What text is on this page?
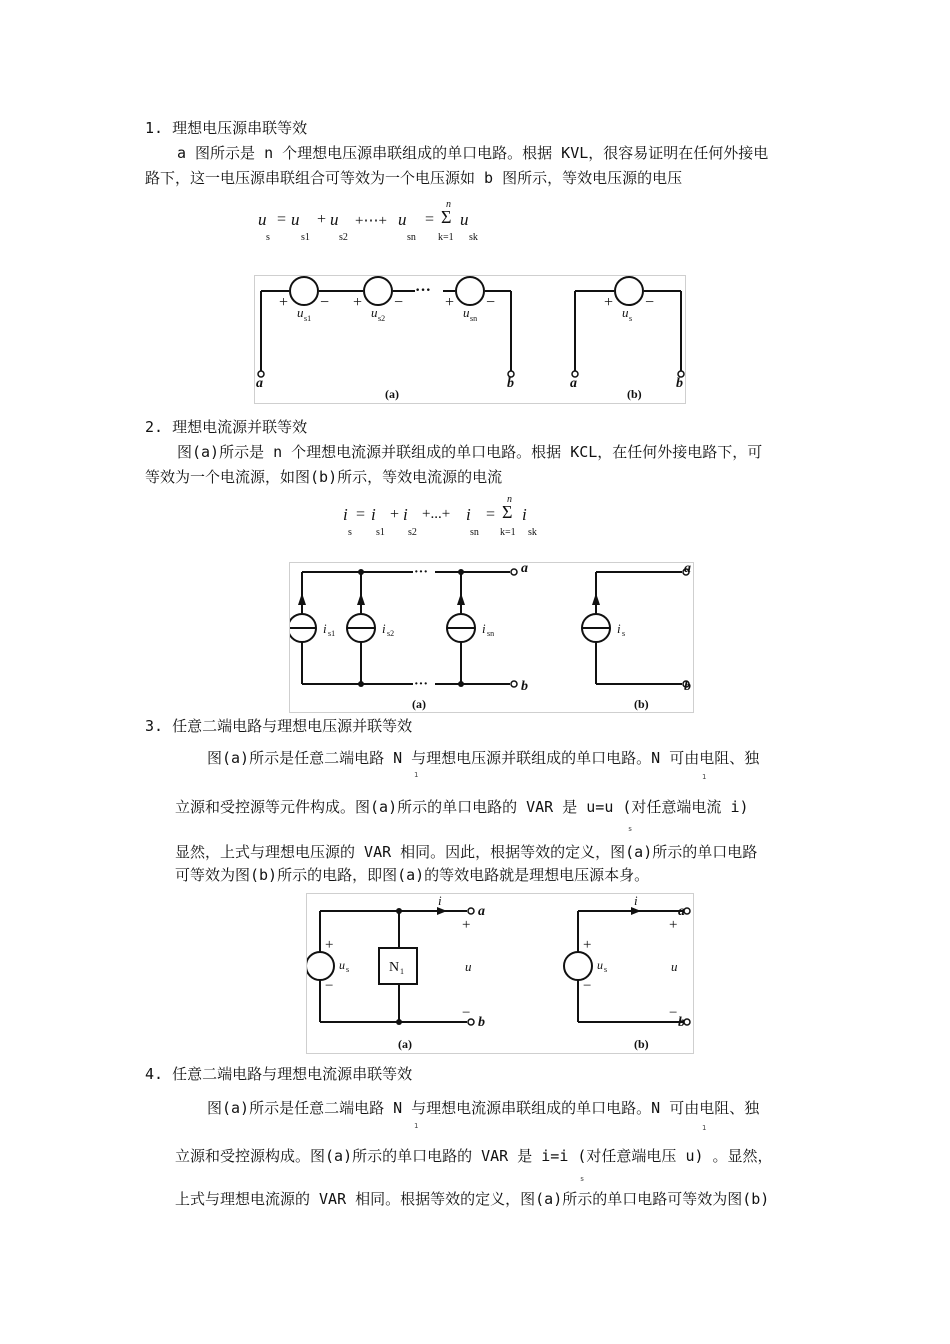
1. 理想电压源串联等效
a 图所示是 n 个理想电压源串联组成的单口电路。根据 KVL，很容易证明在任何外接电
路下，这一电压源串联组合可等效为一个电压源如 b 图所示，等效电压源的电压
u
s
= u
s1
+ u
s2
+⋯+ u
sn
= Σ
n
k=1
u
sk
+ − + −	+ −	+ −
···
u s1	u s2	u sn	u s
a	b	a	b
(a)	(b)
2. 理想电流源并联等效
图(a)所示是 n 个理想电流源并联组成的单口电路。根据 KCL，在任何外接电路下，可
等效为一个电流源，如图(b)所示，等效电流源的电流
i
s
= i
s1
+ i
s2
+...+ i
sn
= Σ
n
k=1
i
sk
···
···
i s1	i s2	i sn	i s
a
b
a
b
(a)	(b)
3. 任意二端电路与理想电压源并联等效
图(a)所示是任意二端电路 N 与理想电压源并联组成的单口电路。N 可由电阻、独
1	1
立源和受控源等元件构成。图(a)所示的单口电路的 VAR 是 u=u (对任意端电流 i)
s
显然，上式与理想电压源的 VAR 相同。因此，根据等效的定义，图(a)所示的单口电路
可等效为图(b)所示的电路，即图(a)的等效电路就是理想电压源本身。
i	i
+
−
+
−
u s	u s
N 1	u	u
+
−
+
−
a
b
a
b
(a)	(b)
4. 任意二端电路与理想电流源串联等效
图(a)所示是任意二端电路 N 与理想电流源串联组成的单口电路。N 可由电阻、独
1	1
立源和受控源构成。图(a)所示的单口电路的 VAR 是 i=i (对任意端电压 u) 。显然，
s
上式与理想电流源的 VAR 相同。根据等效的定义，图(a)所示的单口电路可等效为图(b)
